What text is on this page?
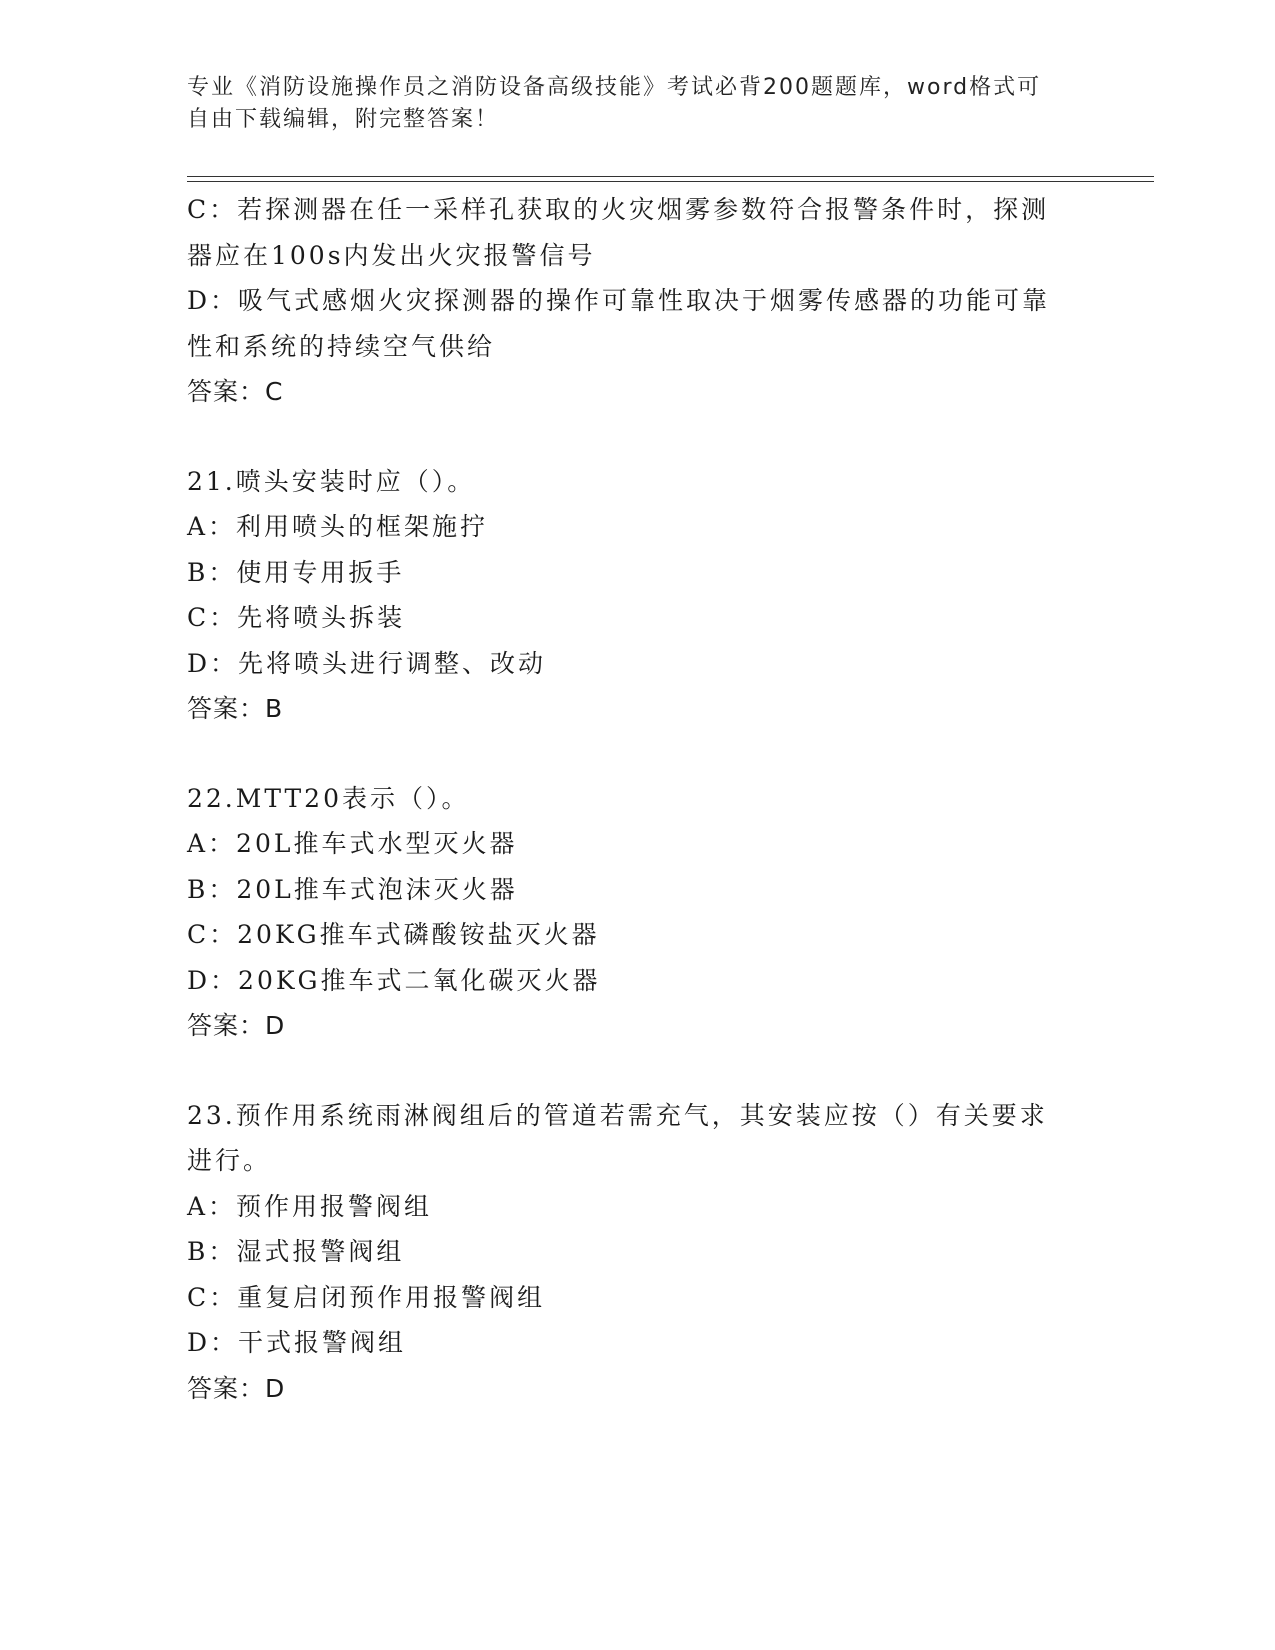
专业《消防设施操作员之消防设备高级技能》考试必背200题题库，word格式可
自由下载编辑，附完整答案！
C：若探测器在任一采样孔获取的火灾烟雾参数符合报警条件时，探测
器应在100s内发出火灾报警信号
D：吸气式感烟火灾探测器的操作可靠性取决于烟雾传感器的功能可靠
性和系统的持续空气供给
答案：C
21.喷头安装时应（）。
A：利用喷头的框架施拧
B：使用专用扳手
C：先将喷头拆装
D：先将喷头进行调整、改动
答案：B
22.MTT20表示（）。
A：20L推车式水型灭火器
B：20L推车式泡沫灭火器
C：20KG推车式磷酸铵盐灭火器
D：20KG推车式二氧化碳灭火器
答案：D
23.预作用系统雨淋阀组后的管道若需充气，其安装应按（）有关要求
进行。
A：预作用报警阀组
B：湿式报警阀组
C：重复启闭预作用报警阀组
D：干式报警阀组
答案：D
